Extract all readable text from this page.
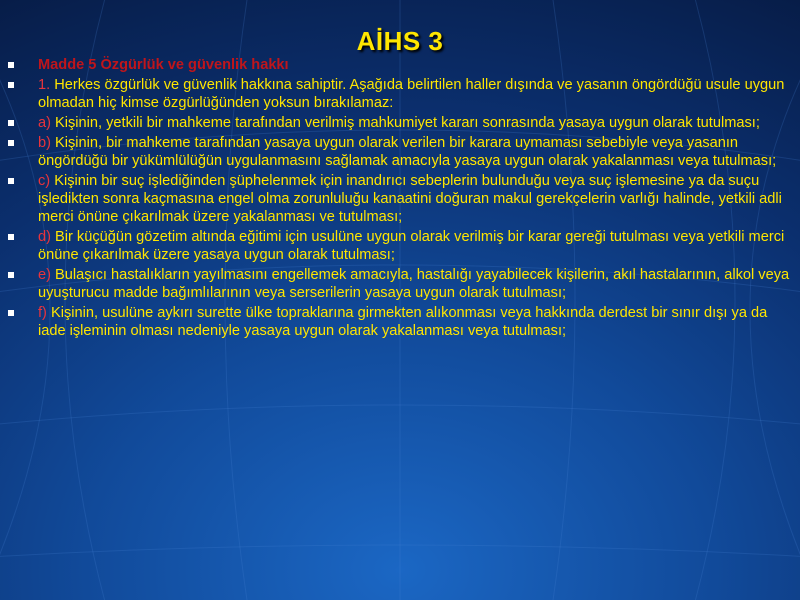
AİHS 3
Madde 5 Özgürlük ve güvenlik hakkı
1. Herkes özgürlük ve güvenlik hakkına sahiptir. Aşağıda belirtilen haller dışında ve yasanın öngördüğü usule uygun olmadan hiç kimse özgürlüğünden yoksun bırakılamaz:
a) Kişinin, yetkili bir mahkeme tarafından verilmiş mahkumiyet kararı sonrasında yasaya uygun olarak tutulması;
b) Kişinin, bir mahkeme tarafından yasaya uygun olarak verilen bir karara uymaması sebebiyle veya yasanın öngördüğü bir yükümlülüğün uygulanmasını sağlamak amacıyla yasaya uygun olarak yakalanması veya tutulması;
c) Kişinin bir suç işlediğinden şüphelenmek için inandırıcı sebeplerin bulunduğu veya suç işlemesine ya da suçu işledikten sonra kaçmasına engel olma zorunluluğu kanaatini doğuran makul gerekçelerin varlığı halinde, yetkili adli merci önüne çıkarılmak üzere yakalanması ve tutulması;
d) Bir küçüğün gözetim altında eğitimi için usulüne uygun olarak verilmiş bir karar gereği tutulması veya yetkili merci önüne çıkarılmak üzere yasaya uygun olarak tutulması;
e) Bulaşıcı hastalıkların yayılmasını engellemek amacıyla, hastalığı yayabilecek kişilerin, akıl hastalarının, alkol veya uyuşturucu madde bağımlılarının veya serserilerin yasaya uygun olarak tutulması;
f) Kişinin, usulüne aykırı surette ülke topraklarına girmekten alıkonması veya hakkında derdest bir sınır dışı ya da iade işleminin olması nedeniyle yasaya uygun olarak yakalanması veya tutulması;
